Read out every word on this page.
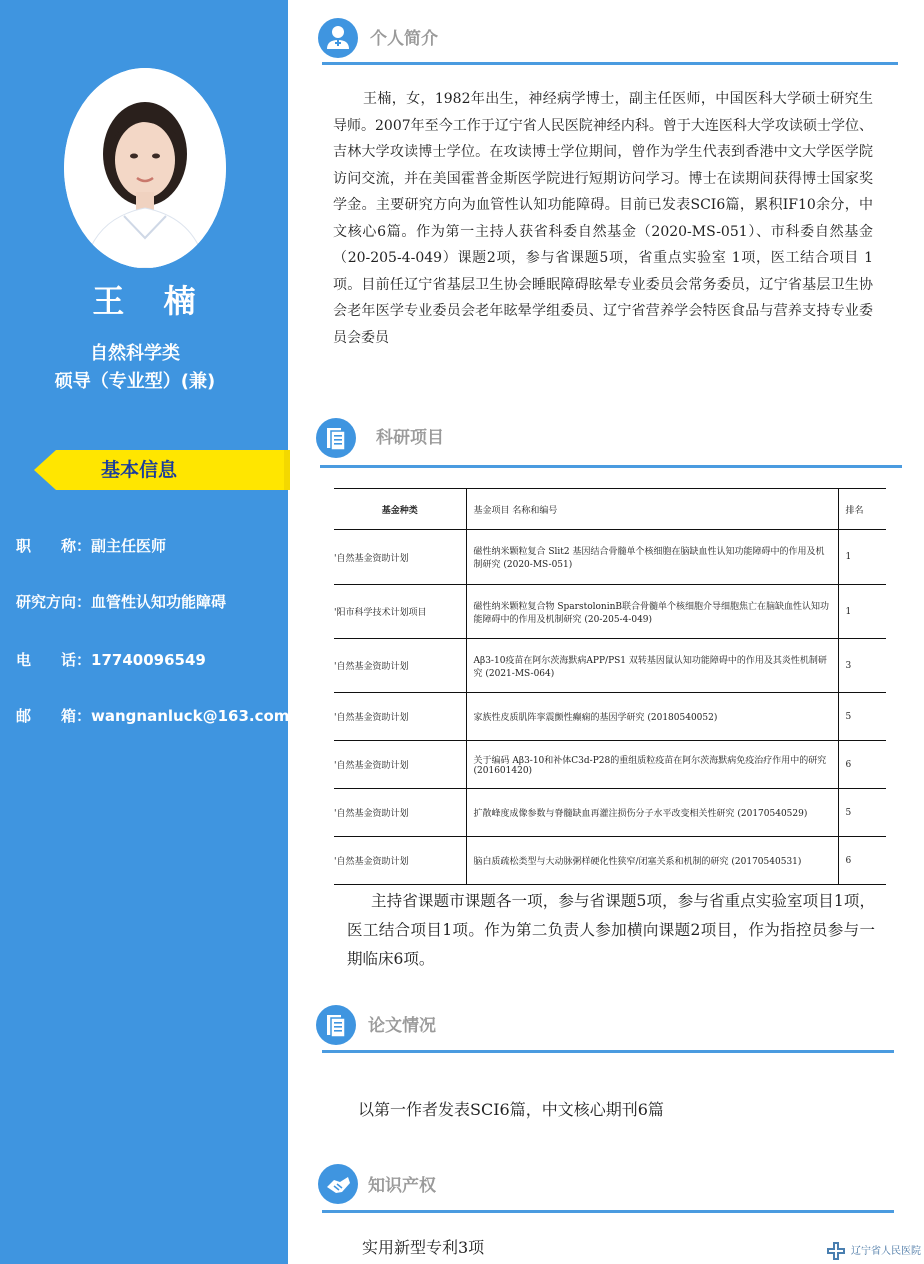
王 楠
自然科学类
硕导（专业型）(兼)
基本信息
职　　称：副主任医师
研究方向：血管性认知功能障碍
电　　话：17740096549
邮　　箱：wangnanluck@163.com
个人简介
王楠，女，1982年出生，神经病学博士，副主任医师，中国医科大学硕士研究生导师。2007年至今工作于辽宁省人民医院神经内科。曾于大连医科大学攻读硕士学位、吉林大学攻读博士学位。在攻读博士学位期间，曾作为学生代表到香港中文大学医学院访问交流，并在美国霍普金斯医学院进行短期访问学习。博士在读期间获得博士国家奖学金。主要研究方向为血管性认知功能障碍。目前已发表SCI6篇，累积IF10余分，中文核心6篇。作为第一主持人获省科委自然基金（2020-MS-051）、市科委自然基金（20-205-4-049）课题2项，参与省课题5项，省重点实验室 1项，医工结合项目 1项。目前任辽宁省基层卫生协会睡眠障碍眩晕专业委员会常务委员，辽宁省基层卫生协会老年医学专业委员会老年眩晕学组委员、辽宁省营养学会特医食品与营养支持专业委员会委员
科研项目
基金种类	基金项目 名称和编号	排名
'自然基金资助计划	磁性纳米颗粒复合 Slit2 基因结合骨髓单个核细胞在脑缺血性认知功能障碍中的作用及机制研究 (2020-MS-051)	1
'阳市科学技术计划项目	磁性纳米颗粒复合物 SparstoloninB联合骨髓单个核细胞介导细胞焦亡在脑缺血性认知功能障碍中的作用及机制研究 (20-205-4-049)	1
'自然基金资助计划	Aβ3-10疫苗在阿尔茨海默病APP/PS1 双转基因鼠认知功能障碍中的作用及其炎性机制研究 (2021-MS-064)	3
'自然基金资助计划	家族性皮质肌阵挛震颤性癫痫的基因学研究 (20180540052)	5
'自然基金资助计划	关于编码 Aβ3-10和补体C3d-P28的重组质粒疫苗在阿尔茨海默病免疫治疗作用中的研究 (201601420)	6
'自然基金资助计划	扩散峰度成像参数与脊髓缺血再灌注损伤分子水平改变相关性研究 (20170540529)	5
'自然基金资助计划	脑白质疏松类型与大动脉粥样硬化性狭窄/闭塞关系和机制的研究 (20170540531)	6
主持省课题市课题各一项，参与省课题5项，参与省重点实验室项目1项，医工结合项目1项。作为第二负责人参加横向课题2项目，作为指控员参与一期临床6项。
论文情况
以第一作者发表SCI6篇，中文核心期刊6篇
知识产权
实用新型专利3项	辽宁省人民医院
